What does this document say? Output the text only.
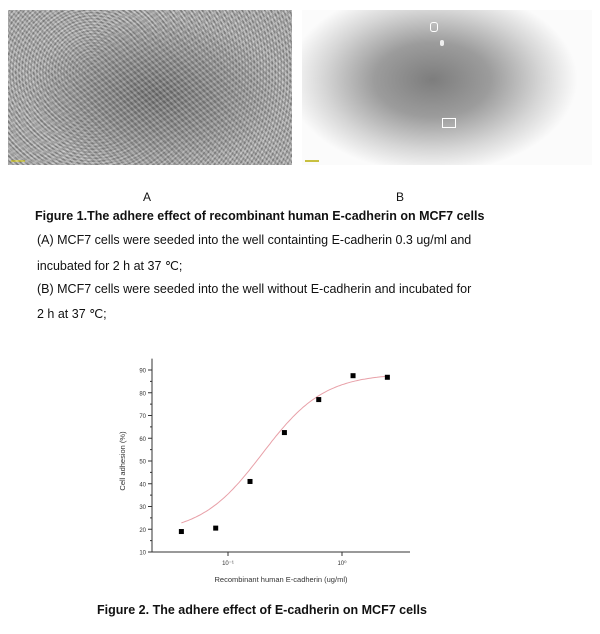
A	B
Figure 1.The adhere effect of recombinant human E-cadherin on MCF7 cells
(A) MCF7 cells were seeded into the well containting E-cadherin 0.3 ug/ml and
incubated for 2 h at 37 ℃;
(B) MCF7 cells were seeded into the well without E-cadherin and incubated for
2 h at 37 ℃;
10
20
30
40
50
60
70
80
90
10⁻¹	10⁰
Recombinant human E-cadherin (ug/ml)
Cell adhesion (%)
Figure 2. The adhere effect of E-cadherin on MCF7 cells
